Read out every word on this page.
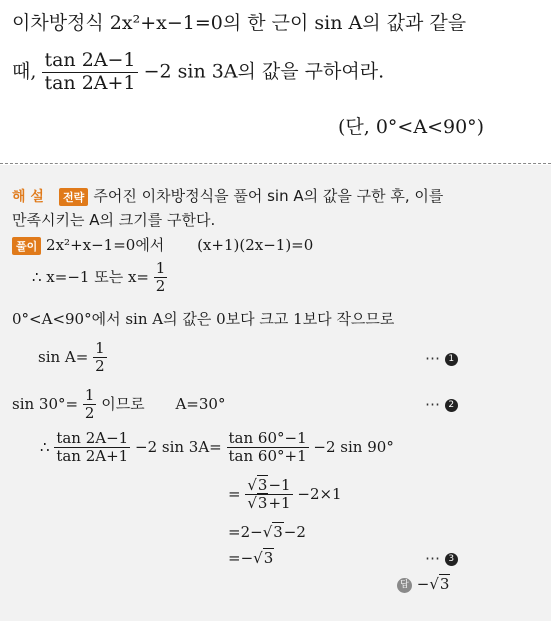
이차방정식 2x²+x−1=0의 한 근이 sin A의 값과 같을
때, $\frac{\tan 2A-1}{\tan 2A+1} -2$ sin 3A의 값을 구하여라.
(단, 0°<A<90°)
해 설 전략 주어진 이차방정식을 풀어 sin A의 값을 구한 후, 이를
만족시키는 A의 크기를 구한다.
풀이 2x²+x−1=0에서 (x+1)(2x−1)=0
∴ x=−1 또는 $x= \frac{1}{2}$
0°<A<90°에서 sin A의 값은 0보다 크고 1보다 작으므로
$\sin A= \frac{1}{2}$	⋯ 1
$\sin 30^\circ= \frac{1}{2}$ 이므로 A=30°	⋯ 2
∴ $\frac{\tan 2A-1}{\tan 2A+1} -2$ $\sin 3A= \frac{\tan 60^\circ-1}{\tan 60^\circ+1} -2$ sin 90°
= $\frac{√3-1}{√3+1} -2\times 1$
=2−√3−2
=−√3	⋯ 3
답 −√3
